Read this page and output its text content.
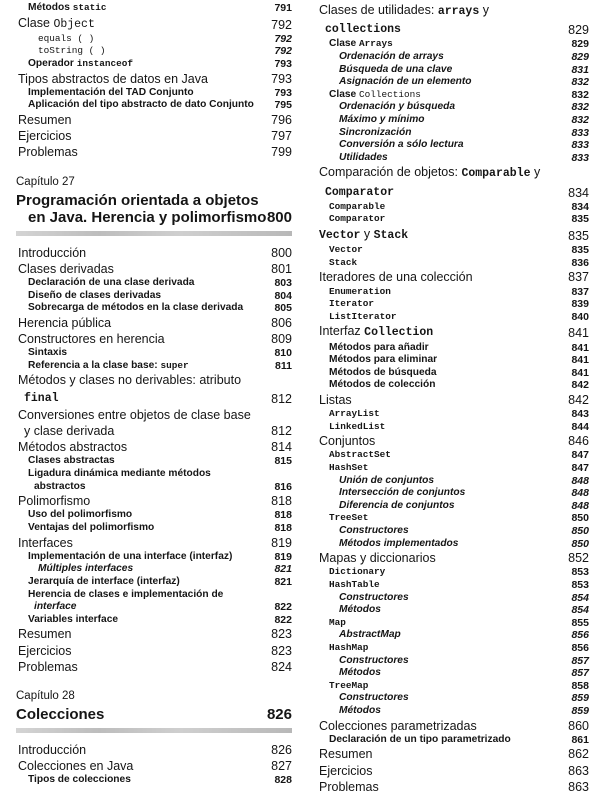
Métodos static	791
Clase Object	792
equals ( )	792
toString ( )	792
Operador instanceof	793
Tipos abstractos de datos en Java	793
Implementación del TAD Conjunto	793
Aplicación del tipo abstracto de dato Conjunto	795
Resumen	796
Ejercicios	797
Problemas	799
Capítulo 27
Programación orientada a objetos
en Java. Herencia y polimorfismo 800
Introducción	800
Clases derivadas	801
Declaración de una clase derivada	803
Diseño de clases derivadas	804
Sobrecarga de métodos en la clase derivada	805
Herencia pública	806
Constructores en herencia	809
Sintaxis	810
Referencia a la clase base: super	811
Métodos y clases no derivables: atributo
final	812
Conversiones entre objetos de clase base
y clase derivada	812
Métodos abstractos	814
Clases abstractas	815
Ligadura dinámica mediante métodos
abstractos	816
Polimorfismo	818
Uso del polimorfismo	818
Ventajas del polimorfismo	818
Interfaces	819
Implementación de una interface (interfaz)	819
Múltiples interfaces	821
Jerarquía de interface (interfaz)	821
Herencia de clases e implementación de
interface	822
Variables interface	822
Resumen	823
Ejercicios	823
Problemas	824
Capítulo 28
Colecciones	826
Introducción	826
Colecciones en Java	827
Tipos de colecciones	828
Clases de utilidades: arrays y
collections	829
Clase Arrays	829
Ordenación de arrays	829
Búsqueda de una clave	831
Asignación de un elemento	832
Clase Collections	832
Ordenación y búsqueda	832
Máximo y mínimo	832
Sincronización	833
Conversión a sólo lectura	833
Utilidades	833
Comparación de objetos: Comparable y
Comparator	834
Comparable	834
Comparator	835
Vector y Stack	835
Vector	835
Stack	836
Iteradores de una colección	837
Enumeration	837
Iterator	839
ListIterator	840
Interfaz Collection	841
Métodos para añadir	841
Métodos para eliminar	841
Métodos de búsqueda	841
Métodos de colección	842
Listas	842
ArrayList	843
LinkedList	844
Conjuntos	846
AbstractSet	847
HashSet	847
Unión de conjuntos	848
Intersección de conjuntos	848
Diferencia de conjuntos	848
TreeSet	850
Constructores	850
Métodos implementados	850
Mapas y diccionarios	852
Dictionary	853
HashTable	853
Constructores	854
Métodos	854
Map	855
AbstractMap	856
HashMap	856
Constructores	857
Métodos	857
TreeMap	858
Constructores	859
Métodos	859
Colecciones parametrizadas	860
Declaración de un tipo parametrizado	861
Resumen	862
Ejercicios	863
Problemas	863
